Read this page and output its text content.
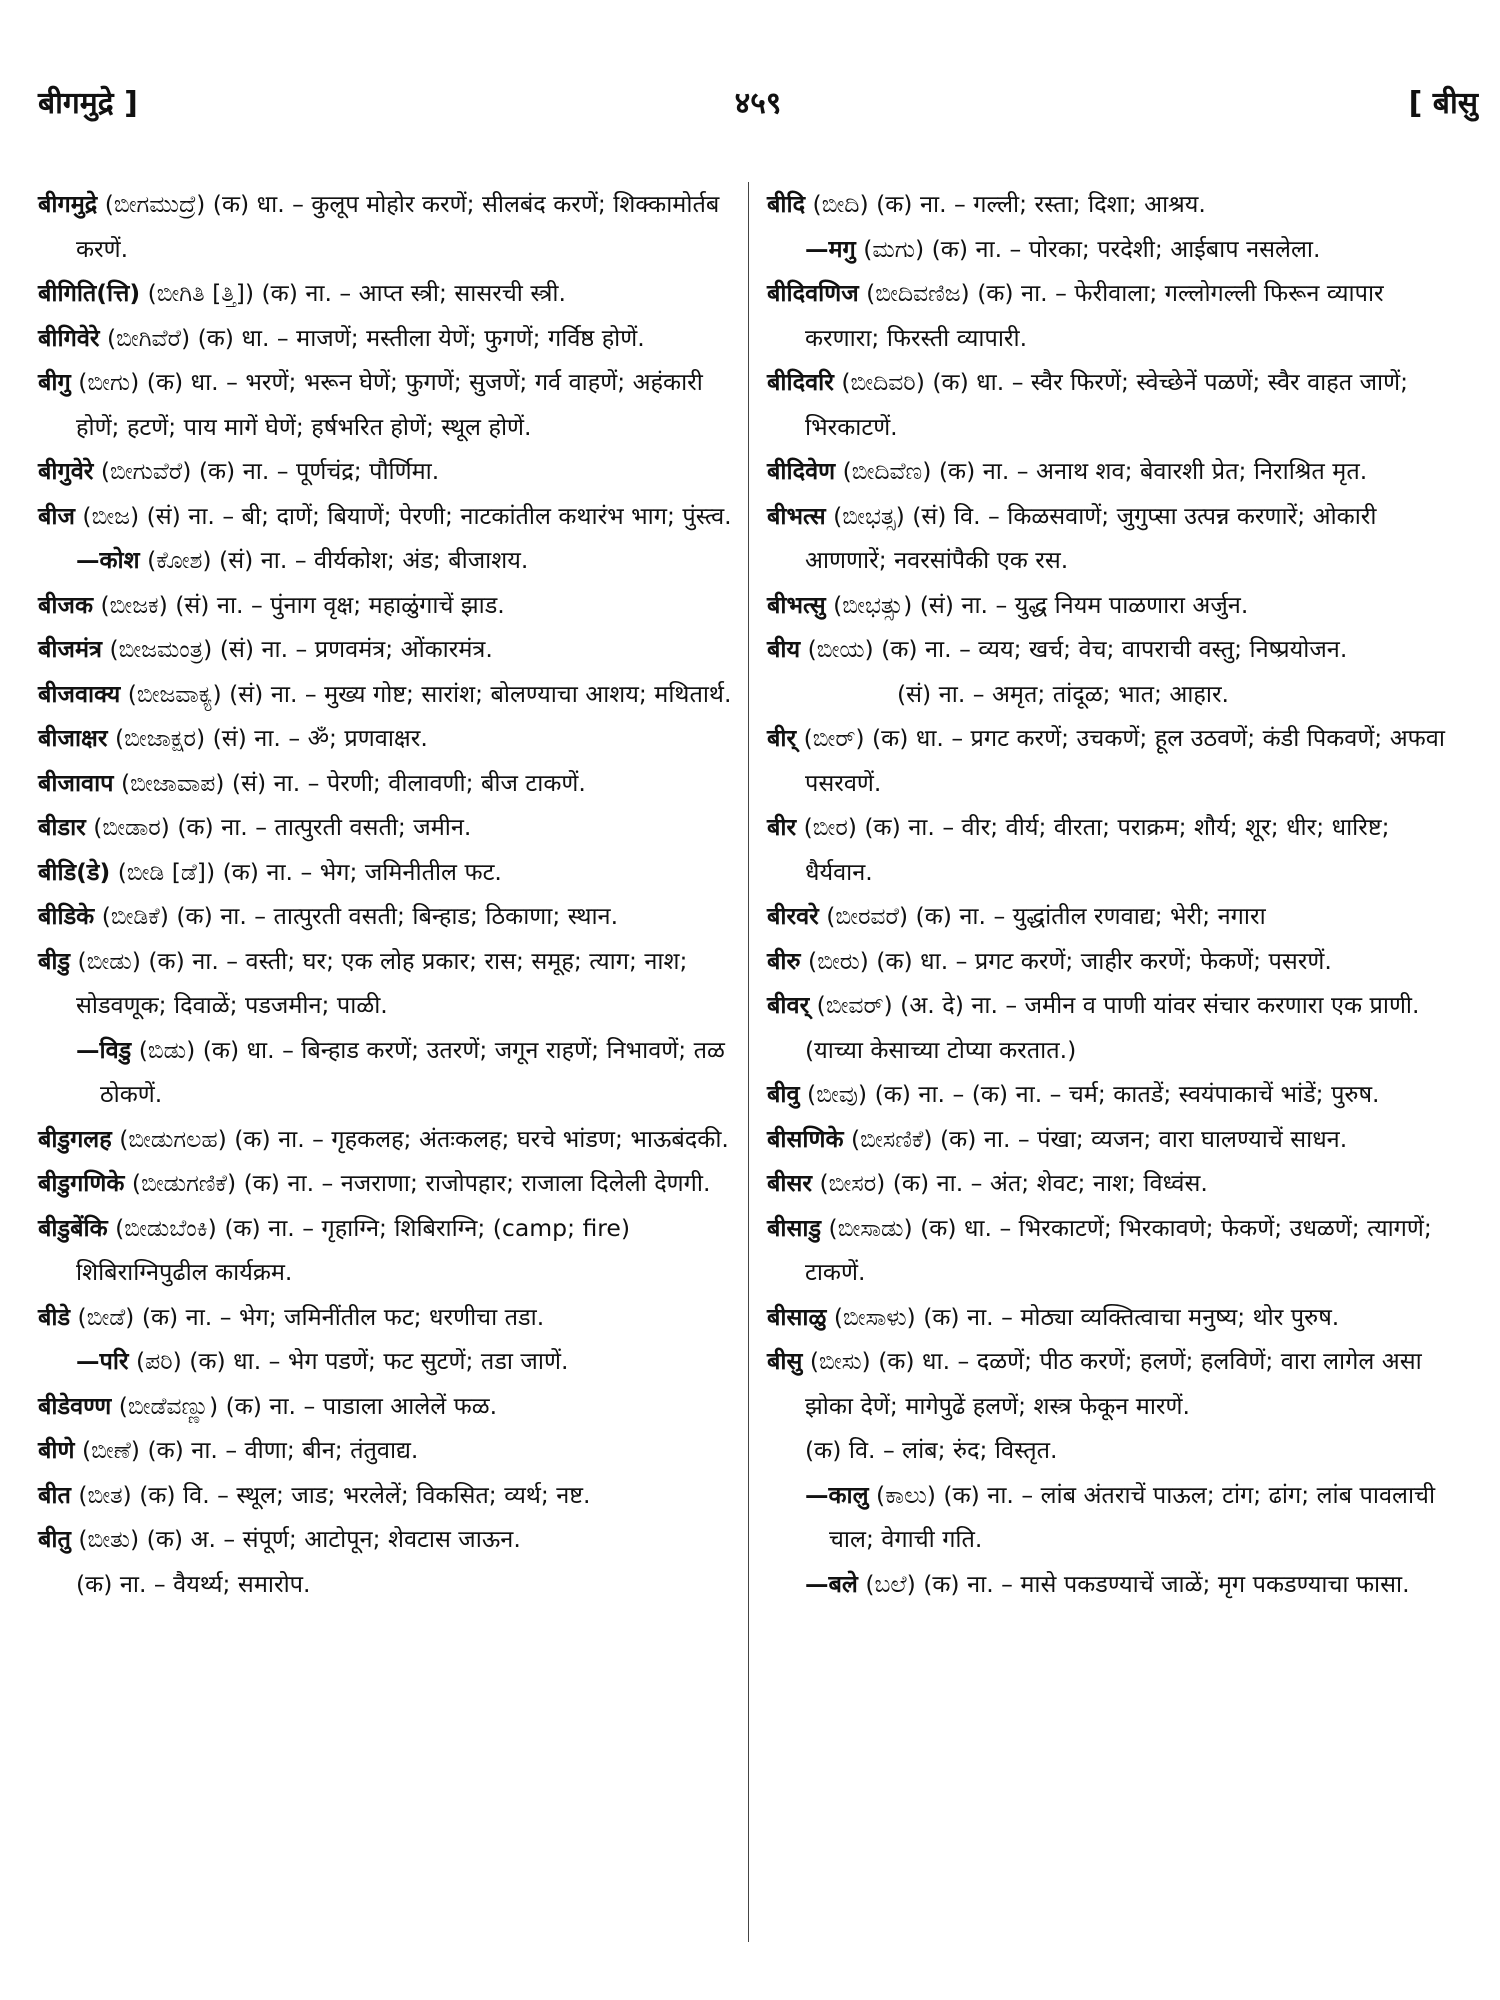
बीगमुद्रे ]	४५९	[ बीसु
बीगमुद्रे (ಬೀಗಮುದ್ರೆ) (क) धा. – कुलूप मोहोर करणें; सीलबंद करणें; शिक्कामोर्तब करणें.
बीगिति(त्ति) (ಬೀಗಿತಿ [ತ್ತಿ]) (क) ना. – आप्त स्त्री; सासरची स्त्री.
बीगिवेरे (ಬೀಗಿವೆರೆ) (क) धा. – माजणें; मस्तीला येणें; फुगणें; गर्विष्ठ होणें.
बीगु (ಬೀಗು) (क) धा. – भरणें; भरून घेणें; फुगणें; सुजणें; गर्व वाहणें; अहंकारी होणें; हटणें; पाय मागें घेणें; हर्षभरित होणें; स्थूल होणें.
बीगुवेरे (ಬೀಗುವೆರೆ) (क) ना. – पूर्णचंद्र; पौर्णिमा.
बीज (ಬೀಜ) (सं) ना. – बी; दाणें; बियाणें; पेरणी; नाटकांतील कथारंभ भाग; पुंस्त्व.
—कोश (ಕೋಶ) (सं) ना. – वीर्यकोश; अंड; बीजाशय.
बीजक (ಬೀಜಕ) (सं) ना. – पुंनाग वृक्ष; महाळुंगाचें झाड.
बीजमंत्र (ಬೀಜಮಂತ್ರ) (सं) ना. – प्रणवमंत्र; ओंकारमंत्र.
बीजवाक्य (ಬೀಜವಾಕ್ಯ) (सं) ना. – मुख्य गोष्ट; सारांश; बोलण्याचा आशय; मथितार्थ.
बीजाक्षर (ಬೀಜಾಕ್ಷರ) (सं) ना. – ॐ; प्रणवाक्षर.
बीजावाप (ಬೀಜಾವಾಪ) (सं) ना. – पेरणी; वीलावणी; बीज टाकणें.
बीडार (ಬೀಡಾರ) (क) ना. – तात्पुरती वसती; जमीन.
बीडि(डे) (ಬೀಡಿ [ಡೆ]) (क) ना. – भेग; जमिनीतील फट.
बीडिके (ಬೀಡಿಕೆ) (क) ना. – तात्पुरती वसती; बिन्हाड; ठिकाणा; स्थान.
बीडु (ಬೀಡು) (क) ना. – वस्ती; घर; एक लोह प्रकार; रास; समूह; त्याग; नाश; सोडवणूक; दिवाळें; पडजमीन; पाळी.
—विडु (ಬಿಡು) (क) धा. – बिन्हाड करणें; उतरणें; जगून राहणें; निभावणें; तळ ठोकणें.
बीडुगलह (ಬೀಡುಗಲಹ) (क) ना. – गृहकलह; अंतःकलह; घरचे भांडण; भाऊबंदकी.
बीडुगणिके (ಬೀಡುಗಣಿಕೆ) (क) ना. – नजराणा; राजोपहार; राजाला दिलेली देणगी.
बीडुबेंकि (ಬೀಡುಬೆಂಕಿ) (क) ना. – गृहाग्नि; शिबिराग्नि; (camp; fire) शिबिराग्निपुढील कार्यक्रम.
बीडे (ಬೀಡೆ) (क) ना. – भेग; जमिनींतील फट; धरणीचा तडा.
—परि (ಪರಿ) (क) धा. – भेग पडणें; फट सुटणें; तडा जाणें.
बीडेवण्ण (ಬೀಡೆವಣ್ಣು) (क) ना. – पाडाला आलेलें फळ.
बीणे (ಬೀಣೆ) (क) ना. – वीणा; बीन; तंतुवाद्य.
बीत (ಬೀತ) (क) वि. – स्थूल; जाड; भरलेलें; विकसित; व्यर्थ; नष्ट.
बीतु (ಬೀತು) (क) अ. – संपूर्ण; आटोपून; शेवटास जाऊन.
(क) ना. – वैयर्थ्य; समारोप.
बीदि (ಬೀದಿ) (क) ना. – गल्ली; रस्ता; दिशा; आश्रय.
—मगु (ಮಗು) (क) ना. – पोरका; परदेशी; आईबाप नसलेला.
बीदिवणिज (ಬೀದಿವಣಿಜ) (क) ना. – फेरीवाला; गल्लोगल्ली फिरून व्यापार करणारा; फिरस्ती व्यापारी.
बीदिवरि (ಬೀದಿವರಿ) (क) धा. – स्वैर फिरणें; स्वेच्छेनें पळणें; स्वैर वाहत जाणें; भिरकाटणें.
बीदिवेण (ಬೀದಿವೆಣ) (क) ना. – अनाथ शव; बेवारशी प्रेत; निराश्रित मृत.
बीभत्स (ಬೀಭತ್ಸ) (सं) वि. – किळसवाणें; जुगुप्सा उत्पन्न करणारें; ओकारी आणणारें; नवरसांपैकी एक रस.
बीभत्सु (ಬೀಭತ್ಸು) (सं) ना. – युद्ध नियम पाळणारा अर्जुन.
बीय (ಬೀಯ) (क) ना. – व्यय; खर्च; वेच; वापराची वस्तु; निष्प्रयोजन.
(सं) ना. – अमृत; तांदूळ; भात; आहार.
बीर् (ಬೀರ್) (क) धा. – प्रगट करणें; उचकणें; हूल उठवणें; कंडी पिकवणें; अफवा पसरवणें.
बीर (ಬೀರ) (क) ना. – वीर; वीर्य; वीरता; पराक्रम; शौर्य; शूर; धीर; धारिष्ट; धैर्यवान.
बीरवरे (ಬೀರವರೆ) (क) ना. – युद्धांतील रणवाद्य; भेरी; नगारा
बीरु (ಬೀರು) (क) धा. – प्रगट करणें; जाहीर करणें; फेकणें; पसरणें.
बीवर् (ಬೀವರ್) (अ. दे) ना. – जमीन व पाणी यांवर संचार करणारा एक प्राणी. (याच्या केसाच्या टोप्या करतात.)
बीवु (ಬೀವು) (क) ना. – (क) ना. – चर्म; कातडें; स्वयंपाकाचें भांडें; पुरुष.
बीसणिके (ಬೀಸಣಿಕೆ) (क) ना. – पंखा; व्यजन; वारा घालण्याचें साधन.
बीसर (ಬೀಸರ) (क) ना. – अंत; शेवट; नाश; विध्वंस.
बीसाडु (ಬೀಸಾಡು) (क) धा. – भिरकाटणें; भिरकावणे; फेकणें; उधळणें; त्यागणें; टाकणें.
बीसाळु (ಬೀಸಾಳು) (क) ना. – मोठ्या व्यक्तित्वाचा मनुष्य; थोर पुरुष.
बीसु (ಬೀಸು) (क) धा. – दळणें; पीठ करणें; हलणें; हलविणें; वारा लागेल असा झोका देणें; मागेपुढें हलणें; शस्त्र फेकून मारणें.
(क) वि. – लांब; रुंद; विस्तृत.
—कालु (ಕಾಲು) (क) ना. – लांब अंतराचें पाऊल; टांग; ढांग; लांब पावलाची चाल; वेगाची गति.
—बले (ಬಲೆ) (क) ना. – मासे पकडण्याचें जाळें; मृग पकडण्याचा फासा.
